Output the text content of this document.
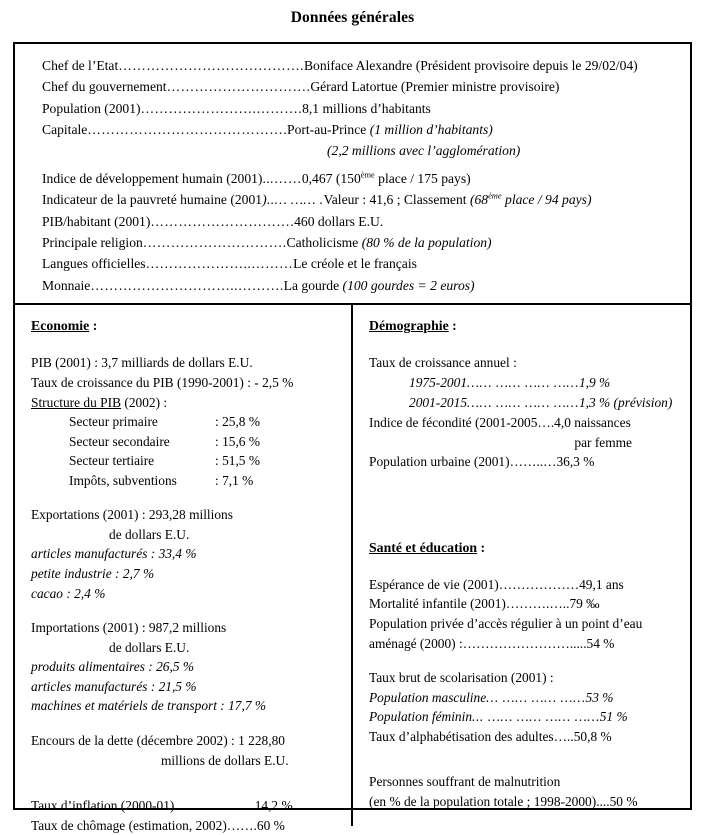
Données générales
Chef de l’Etat………………………………….Boniface Alexandre (Président provisoire depuis le 29/02/04)
Chef du gouvernement………………………….Gérard Latortue (Premier ministre provisoire)
Population (2001)…………………….……….8,1 millions d’habitants
Capitale…………………………………….Port-au-Prince (1 million d’habitants)
(2,2 millions avec l’agglomération)
Indice de développement humain (2001)...……0,467 (150ème place / 175 pays)
Indicateur de la pauvreté humaine (2001)..… …… .Valeur : 41,6 ; Classement (68ème place / 94 pays)
PIB/habitant (2001)………………………….460 dollars E.U.
Principale religion………………………….Catholicisme (80 % de la population)
Langues officielles…………………..………Le créole et le français
Monnaie…………………………..……….La gourde (100 gourdes = 2 euros)
Economie :
PIB (2001) : 3,7 milliards de dollars E.U.
Taux de croissance du PIB (1990-2001) : - 2,5 %
Structure du PIB (2002) :
Secteur primaire	: 25,8 %
Secteur secondaire	: 15,6 %
Secteur tertiaire	: 51,5 %
Impôts, subventions	: 7,1 %
Exportations (2001) : 293,28 millions
de dollars E.U.
articles manufacturés : 33,4 %
petite industrie : 2,7 %
cacao : 2,4 %
Importations (2001) : 987,2 millions
de dollars E.U.
produits alimentaires : 26,5 %
articles manufacturés : 21,5 %
machines et matériels de transport : 17,7 %
Encours de la dette (décembre 2002) : 1 228,80
millions de dollars E.U.
Taux d’inflation (2000-01)………………14,2 %
Taux de chômage (estimation, 2002)…….60 %
Démographie :
Taux de croissance annuel :
1975-2001…… …… …… ……1,9 %
2001-2015…… …… …… ……1,3 % (prévision)
Indice de fécondité (2001-2005….4,0 naissances
par femme
Population urbaine (2001)……..…36,3 %
Santé et éducation :
Espérance de vie (2001)………………49,1 ans
Mortalité infantile (2001)……….…..79 ‰
Population privée d’accès régulier à un point d’eau
aménagé (2000) :…………………….....54 %
Taux brut de scolarisation (2001) :
Population masculine… …… …… ……53 %
Population féminin... …… …… …… ……51 %
Taux d’alphabétisation des adultes…..50,8 %
Personnes souffrant de malnutrition
(en % de la population totale ; 1998-2000)....50 %
